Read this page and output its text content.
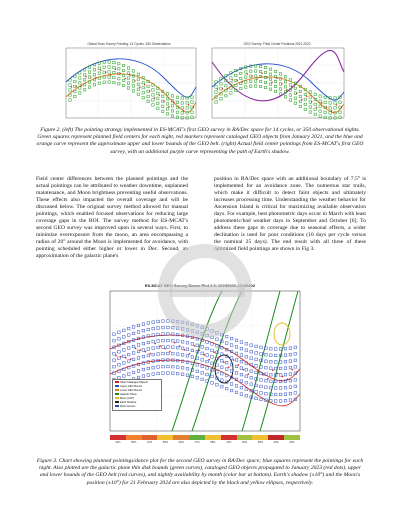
Global Scan Survey Pointing: 14 Cycles, 350 Observations	GEO Survey: Field Center Positions 2021-2022
Figure 2. (left) The pointing strategy implemented in ES-MCAT's first GEO survey in RA/Dec space for 14 cycles, or 350 observational nights. Green squares represent planned field centers for each night, red markers represent cataloged GEO objects from January 2021, and the blue and orange curve represent the approximate upper and lower bounds of the GEO belt. (right) Actual field center pointings from ES-MCAT's first GEO survey, with an additional purple curve representing the path of Earth's shadow.

Field center differences between the planned pointings and the actual pointings can be attributed to weather downtime, unplanned maintenance, and Moon brightness preventing useful observations. These effects also impacted the overall coverage and will be discussed below. The original survey method allowed for manual pointings, which enabled focused observations for reducing large coverage gaps in the ROI. The survey method for ES-MCAT's second GEO survey was improved upon in several ways. First, to minimize overexposure from the moon, an area encompassing a radius of 20° around the Moon is implemented for avoidance, with pointing scheduled either higher or lower in Dec. Second, an approximation of the galactic plane's

position in RA/Dec space with an additional boundary of 7.5° is implemented for an avoidance zone. The numerous star trails, which make it difficult to detect faint objects and ultimately increases processing time. Understanding the weather behavior for Ascension Island is critical for maximizing available observation days. For example, best photometric days occur in March with least photometric/bad weather days in September and October [6]. To address these gaps in coverage due to seasonal effects, a wider declination is used for poor conditions (10 days per cycle versus the nominal 25 days). The end result with all three of these optimized field pointings are shown in Fig 3.

ES-MCAT GEO Survey Dance Plot 2.0: 20230406-20240402
GEO Cataloged Objects
Upper GEO Bound
Lower GEO Bound
Galactic Plane
Moon (±20°)
Earth Shadow
Field Centers
42%	55%	47%	58%	52%	77%	58%	41%	62%	58%	40%	62%
Figure 3. Chart showing planned pointings/dance plot for the second GEO survey in RA/Dec space; blue squares represent the pointings for each night. Also plotted are the galactic plane thin disk bounds (green curves), cataloged GEO objects propagated to January 2023 (red dots), upper and lower bounds of the GEO belt (red curves), and nightly availability by month (color bar at bottom). Earth's shadow (±10°) and the Moon's position (±10°) for 21 February 2024 are also depicted by the black and yellow ellipses, respectively.
